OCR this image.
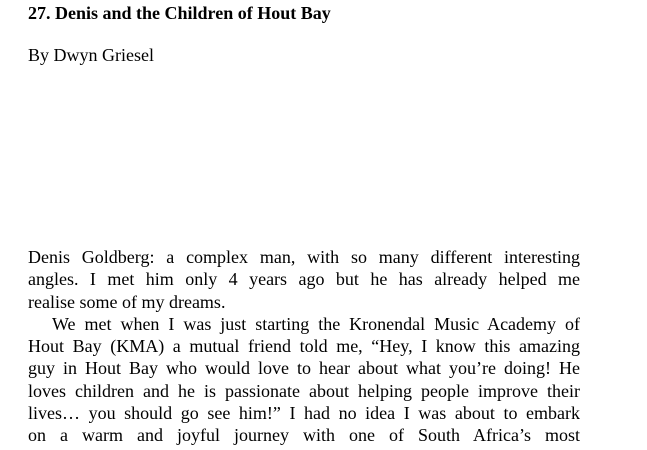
27. Denis and the Children of Hout Bay

By Dwyn Griesel

Denis Goldberg: a complex man, with so many different interesting
angles. I met him only 4 years ago but he has already helped me
realise some of my dreams.
We met when I was just starting the Kronendal Music Academy of
Hout Bay (KMA) a mutual friend told me, “Hey, I know this amazing
guy in Hout Bay who would love to hear about what you’re doing! He
loves children and he is passionate about helping people improve their
lives… you should go see him!” I had no idea I was about to embark
on a warm and joyful journey with one of South Africa’s most
